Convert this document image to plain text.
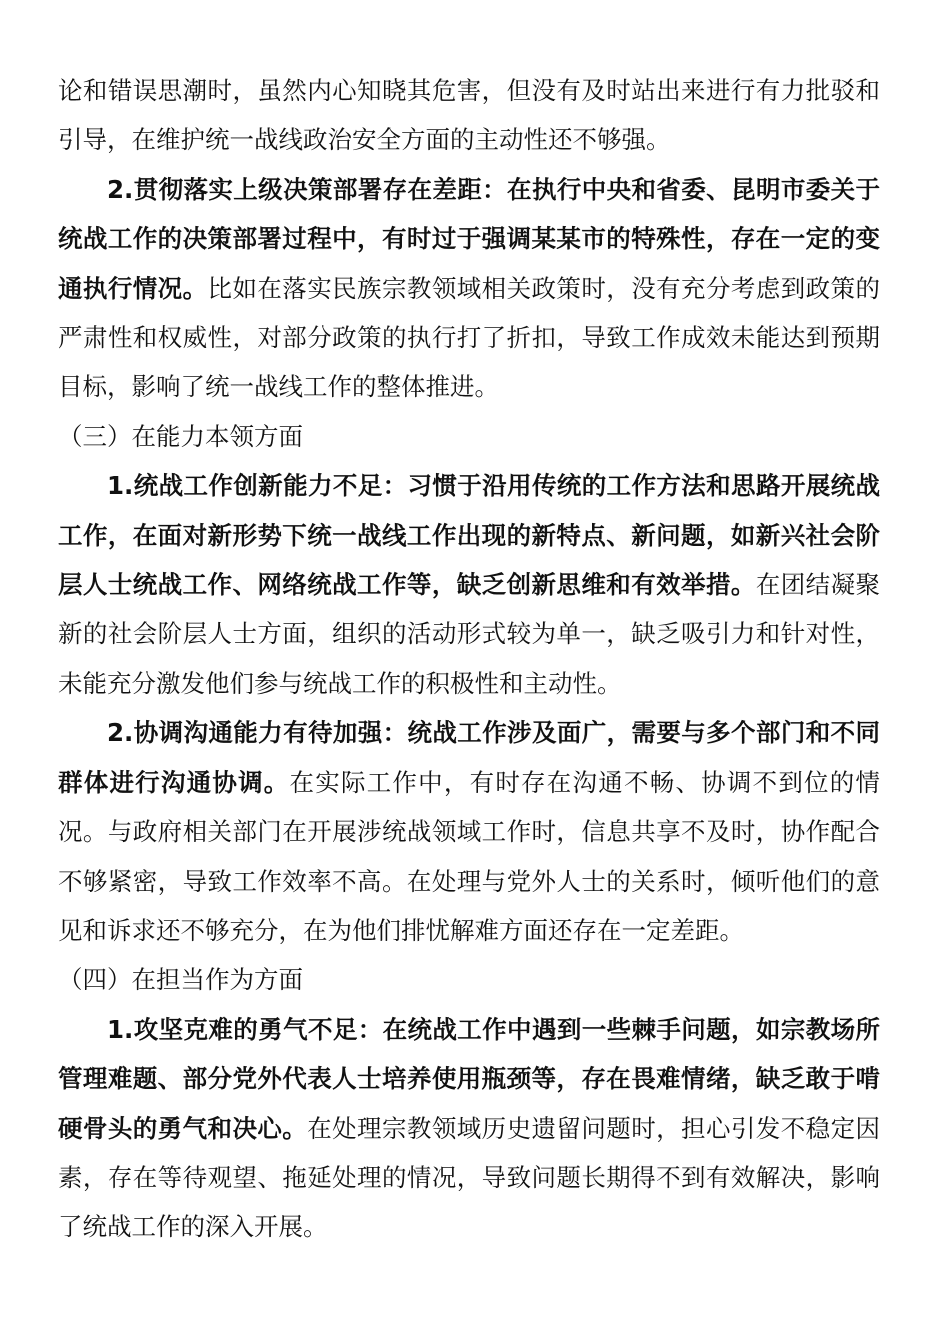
论和错误思潮时，虽然内心知晓其危害，但没有及时站出来进行有力批驳和引导，在维护统一战线政治安全方面的主动性还不够强。

2.贯彻落实上级决策部署存在差距：在执行中央和省委、昆明市委关于统战工作的决策部署过程中，有时过于强调某某市的特殊性，存在一定的变通执行情况。比如在落实民族宗教领域相关政策时，没有充分考虑到政策的严肃性和权威性，对部分政策的执行打了折扣，导致工作成效未能达到预期目标，影响了统一战线工作的整体推进。

（三）在能力本领方面

1.统战工作创新能力不足：习惯于沿用传统的工作方法和思路开展统战工作，在面对新形势下统一战线工作出现的新特点、新问题，如新兴社会阶层人士统战工作、网络统战工作等，缺乏创新思维和有效举措。在团结凝聚新的社会阶层人士方面，组织的活动形式较为单一，缺乏吸引力和针对性，未能充分激发他们参与统战工作的积极性和主动性。

2.协调沟通能力有待加强：统战工作涉及面广，需要与多个部门和不同群体进行沟通协调。在实际工作中，有时存在沟通不畅、协调不到位的情况。与政府相关部门在开展涉统战领域工作时，信息共享不及时，协作配合不够紧密，导致工作效率不高。在处理与党外人士的关系时，倾听他们的意见和诉求还不够充分，在为他们排忧解难方面还存在一定差距。

（四）在担当作为方面

1.攻坚克难的勇气不足：在统战工作中遇到一些棘手问题，如宗教场所管理难题、部分党外代表人士培养使用瓶颈等，存在畏难情绪，缺乏敢于啃硬骨头的勇气和决心。在处理宗教领域历史遗留问题时，担心引发不稳定因素，存在等待观望、拖延处理的情况，导致问题长期得不到有效解决，影响了统战工作的深入开展。
